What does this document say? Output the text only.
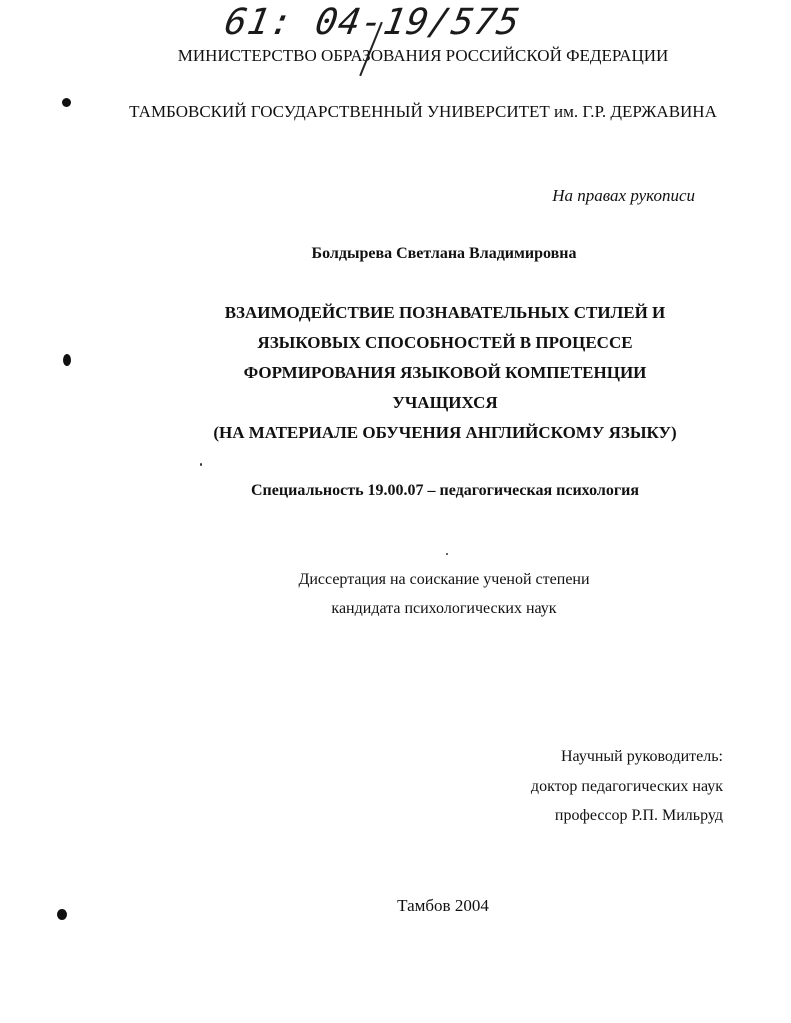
61: 04-19/575
МИНИСТЕРСТВО ОБРАЗОВАНИЯ РОССИЙСКОЙ ФЕДЕРАЦИИ
ТАМБОВСКИЙ ГОСУДАРСТВЕННЫЙ УНИВЕРСИТЕТ им. Г.Р. ДЕРЖАВИНА
На правах рукописи
Болдырева Светлана Владимировна
ВЗАИМОДЕЙСТВИЕ ПОЗНАВАТЕЛЬНЫХ СТИЛЕЙ И
ЯЗЫКОВЫХ СПОСОБНОСТЕЙ В ПРОЦЕССЕ
ФОРМИРОВАНИЯ ЯЗЫКОВОЙ КОМПЕТЕНЦИИ
УЧАЩИХСЯ
(НА МАТЕРИАЛЕ ОБУЧЕНИЯ АНГЛИЙСКОМУ ЯЗЫКУ)
Специальность 19.00.07 – педагогическая психология
Диссертация на соискание ученой степени
кандидата психологических наук
Научный руководитель:
доктор педагогических наук
профессор Р.П. Мильруд
Тамбов 2004
